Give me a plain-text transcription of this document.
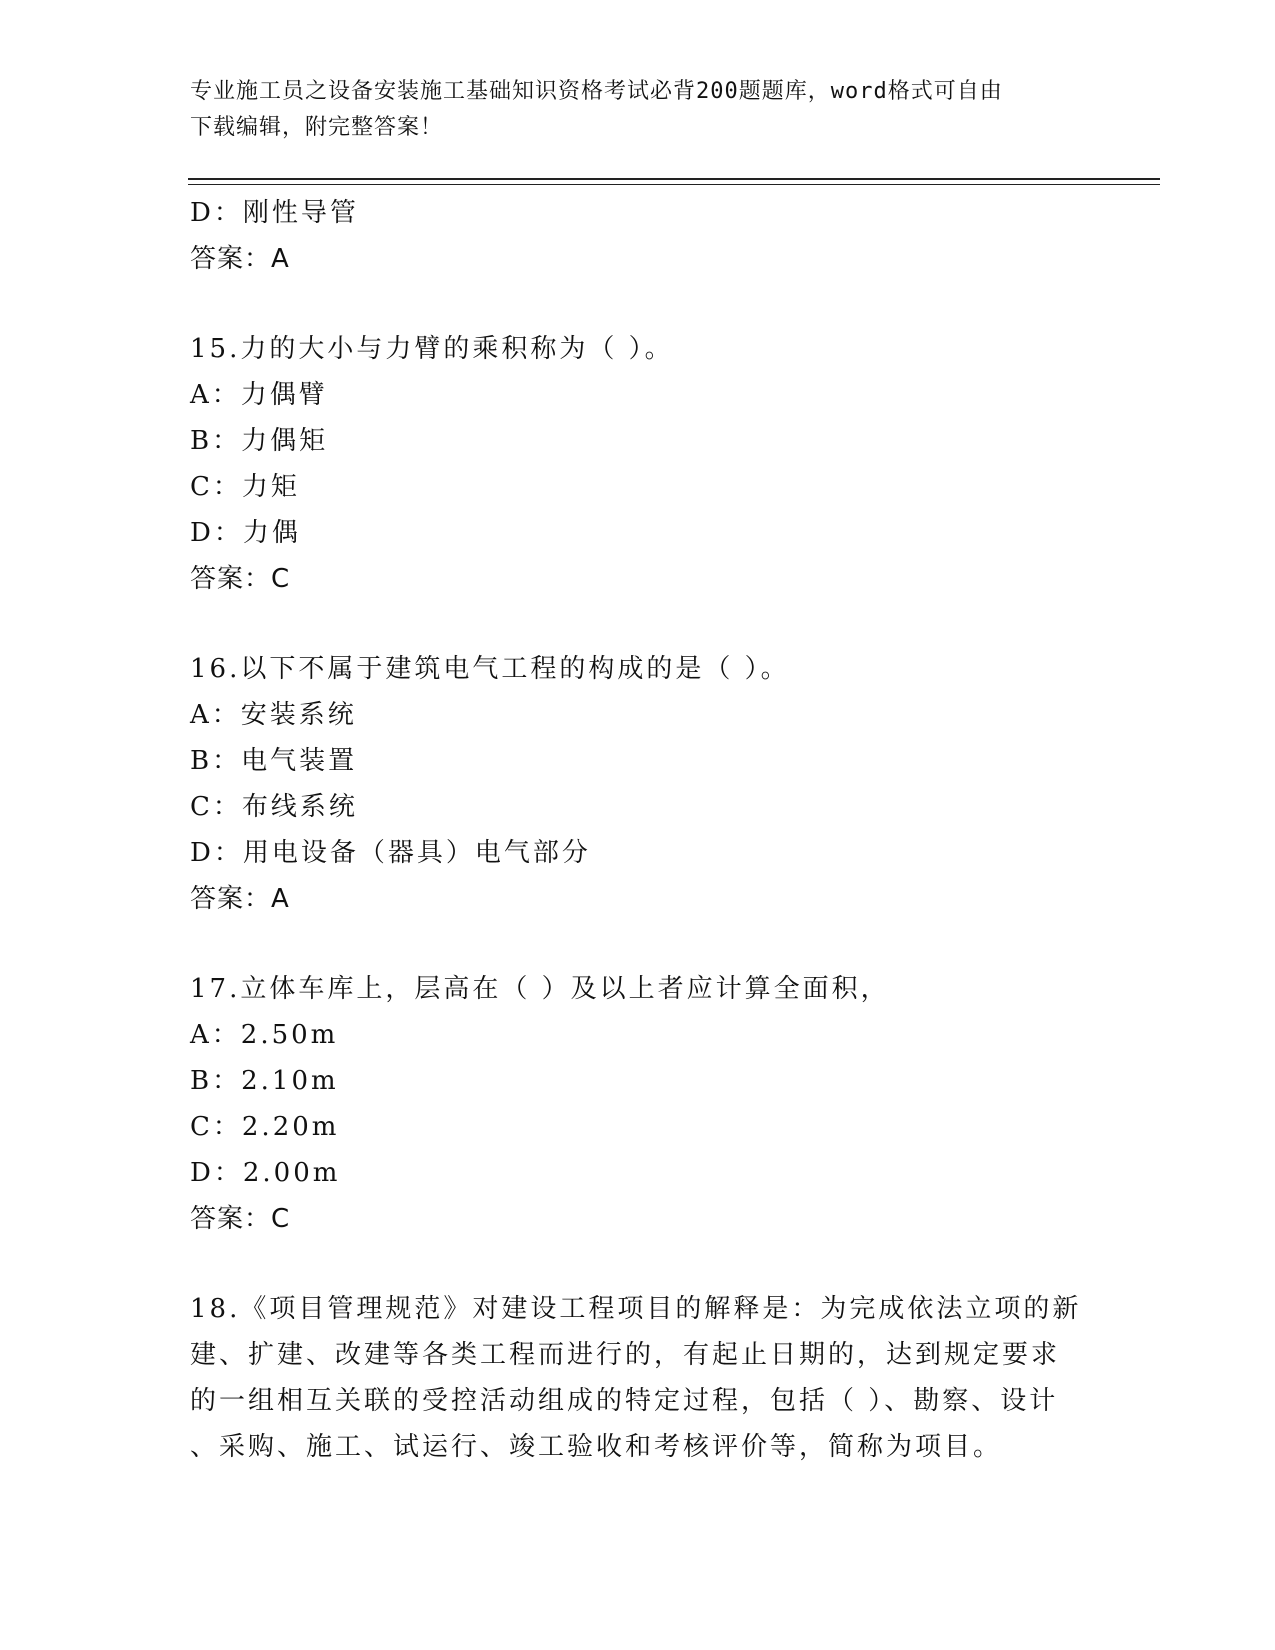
专业施工员之设备安装施工基础知识资格考试必背200题题库，word格式可自由
下载编辑，附完整答案！
D：刚性导管
答案：A
15.力的大小与力臂的乘积称为（ ）。
A：力偶臂
B：力偶矩
C：力矩
D：力偶
答案：C
16.以下不属于建筑电气工程的构成的是（ ）。
A：安装系统
B：电气装置
C：布线系统
D：用电设备（器具）电气部分
答案：A
17.立体车库上，层高在（ ）及以上者应计算全面积，
A：2.50m
B：2.10m
C：2.20m
D：2.00m
答案：C
18.《项目管理规范》对建设工程项目的解释是：为完成依法立项的新
建、扩建、改建等各类工程而进行的，有起止日期的，达到规定要求
的一组相互关联的受控活动组成的特定过程，包括（ ）、勘察、设计
、采购、施工、试运行、竣工验收和考核评价等，简称为项目。
